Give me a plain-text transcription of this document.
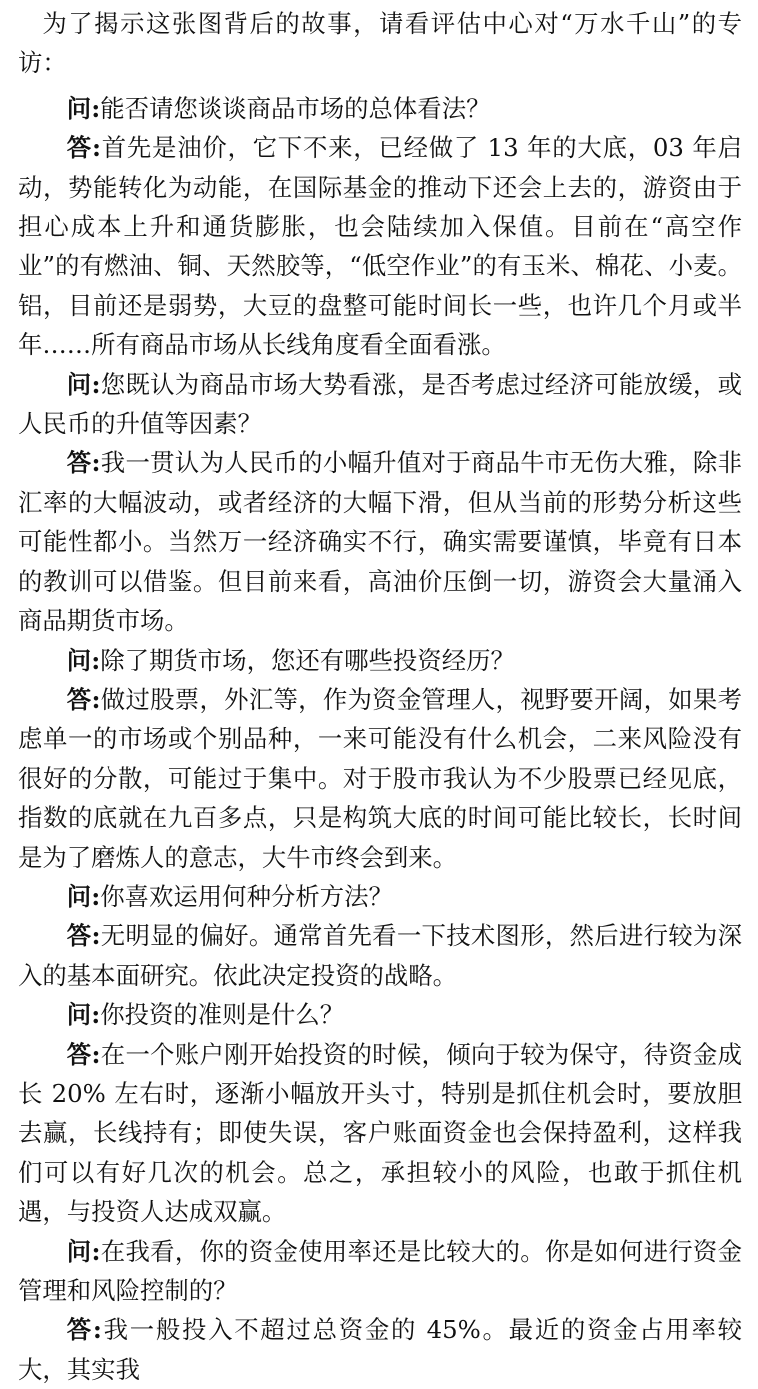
为了揭示这张图背后的故事，请看评估中心对“万水千山”的专访：

问:能否请您谈谈商品市场的总体看法？

答:首先是油价，它下不来，已经做了 13 年的大底，03 年启动，势能转化为动能，在国际基金的推动下还会上去的，游资由于担心成本上升和通货膨胀，也会陆续加入保值。目前在“高空作业”的有燃油、铜、天然胶等，“低空作业”的有玉米、棉花、小麦。铝，目前还是弱势，大豆的盘整可能时间长一些，也许几个月或半年……所有商品市场从长线角度看全面看涨。

问:您既认为商品市场大势看涨，是否考虑过经济可能放缓，或人民币的升值等因素？

答:我一贯认为人民币的小幅升值对于商品牛市无伤大雅，除非汇率的大幅波动，或者经济的大幅下滑，但从当前的形势分析这些可能性都小。当然万一经济确实不行，确实需要谨慎，毕竟有日本的教训可以借鉴。但目前来看，高油价压倒一切，游资会大量涌入商品期货市场。

问:除了期货市场，您还有哪些投资经历？

答:做过股票，外汇等，作为资金管理人，视野要开阔，如果考虑单一的市场或个别品种，一来可能没有什么机会，二来风险没有很好的分散，可能过于集中。对于股市我认为不少股票已经见底，指数的底就在九百多点，只是构筑大底的时间可能比较长，长时间是为了磨炼人的意志，大牛市终会到来。

问:你喜欢运用何种分析方法？

答:无明显的偏好。通常首先看一下技术图形，然后进行较为深入的基本面研究。依此决定投资的战略。

问:你投资的准则是什么？

答:在一个账户刚开始投资的时候，倾向于较为保守，待资金成长 20% 左右时，逐渐小幅放开头寸，特别是抓住机会时，要放胆去赢，长线持有；即使失误，客户账面资金也会保持盈利，这样我们可以有好几次的机会。总之，承担较小的风险，也敢于抓住机遇，与投资人达成双赢。

问:在我看，你的资金使用率还是比较大的。你是如何进行资金管理和风险控制的？

答:我一般投入不超过总资金的 45%。最近的资金占用率较大，其实我
